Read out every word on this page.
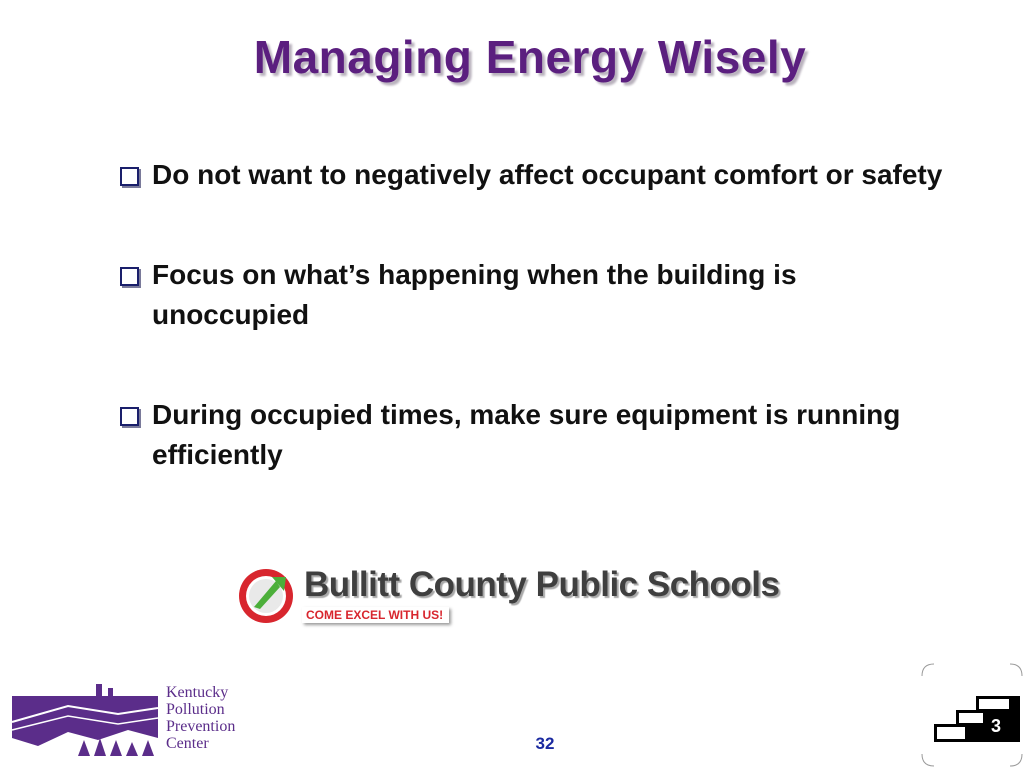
Managing Energy Wisely
Do not want to negatively affect occupant comfort or safety
Focus on what’s happening when the building is unoccupied
During occupied times, make sure equipment is running efficiently
Bullitt County Public Schools
COME EXCEL WITH US!
Kentucky
Pollution
Prevention
Center	32
3
